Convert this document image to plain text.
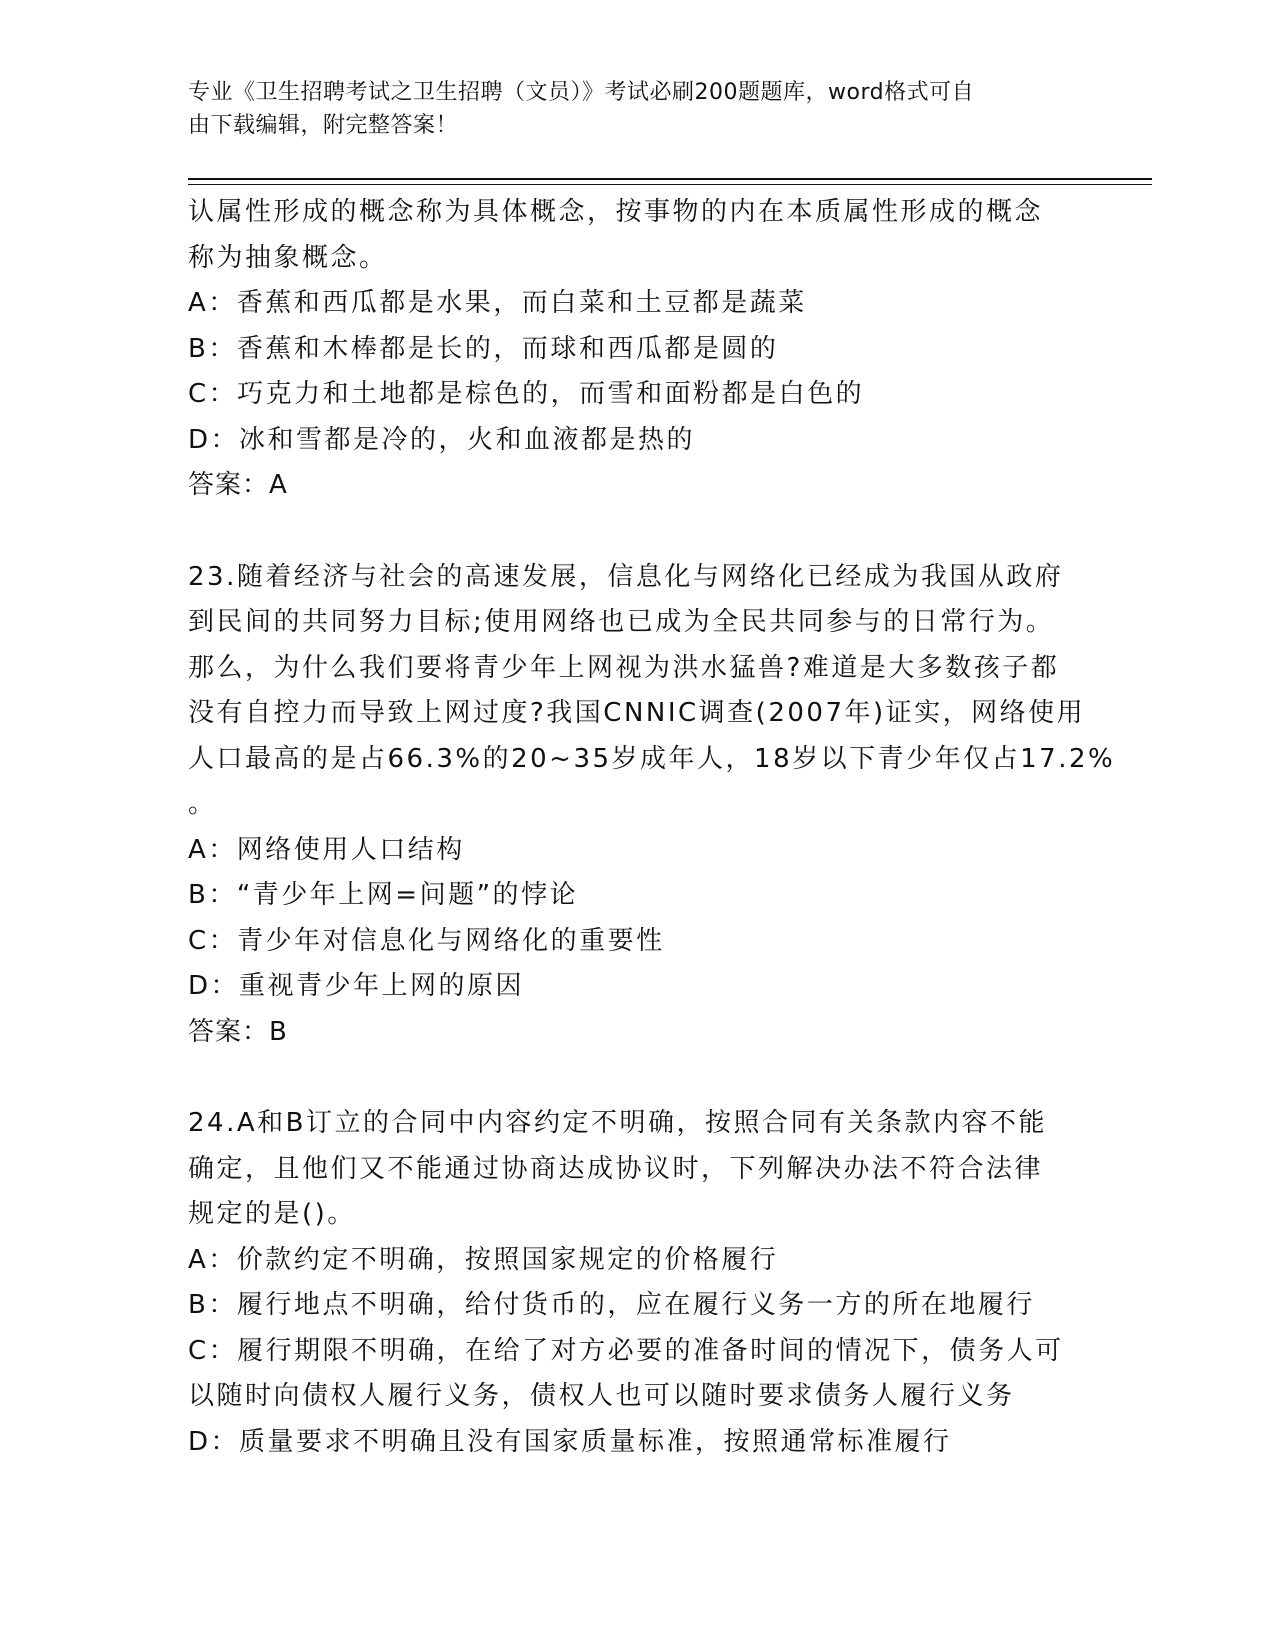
专业《卫生招聘考试之卫生招聘（文员）》考试必刷200题题库，word格式可自
由下载编辑，附完整答案！
认属性形成的概念称为具体概念，按事物的内在本质属性形成的概念
称为抽象概念。
A：香蕉和西瓜都是水果，而白菜和土豆都是蔬菜
B：香蕉和木棒都是长的，而球和西瓜都是圆的
C：巧克力和土地都是棕色的，而雪和面粉都是白色的
D：冰和雪都是冷的，火和血液都是热的
答案：A
23.随着经济与社会的高速发展，信息化与网络化已经成为我国从政府
到民间的共同努力目标;使用网络也已成为全民共同参与的日常行为。
那么，为什么我们要将青少年上网视为洪水猛兽?难道是大多数孩子都
没有自控力而导致上网过度?我国CNNIC调查(2007年)证实，网络使用
人口最高的是占66.3%的20~35岁成年人，18岁以下青少年仅占17.2%
。
A：网络使用人口结构
B：“青少年上网=问题”的悖论
C：青少年对信息化与网络化的重要性
D：重视青少年上网的原因
答案：B
24.A和B订立的合同中内容约定不明确，按照合同有关条款内容不能
确定，且他们又不能通过协商达成协议时，下列解决办法不符合法律
规定的是()。
A：价款约定不明确，按照国家规定的价格履行
B：履行地点不明确，给付货币的，应在履行义务一方的所在地履行
C：履行期限不明确，在给了对方必要的准备时间的情况下，债务人可
以随时向债权人履行义务，债权人也可以随时要求债务人履行义务
D：质量要求不明确且没有国家质量标准，按照通常标准履行
